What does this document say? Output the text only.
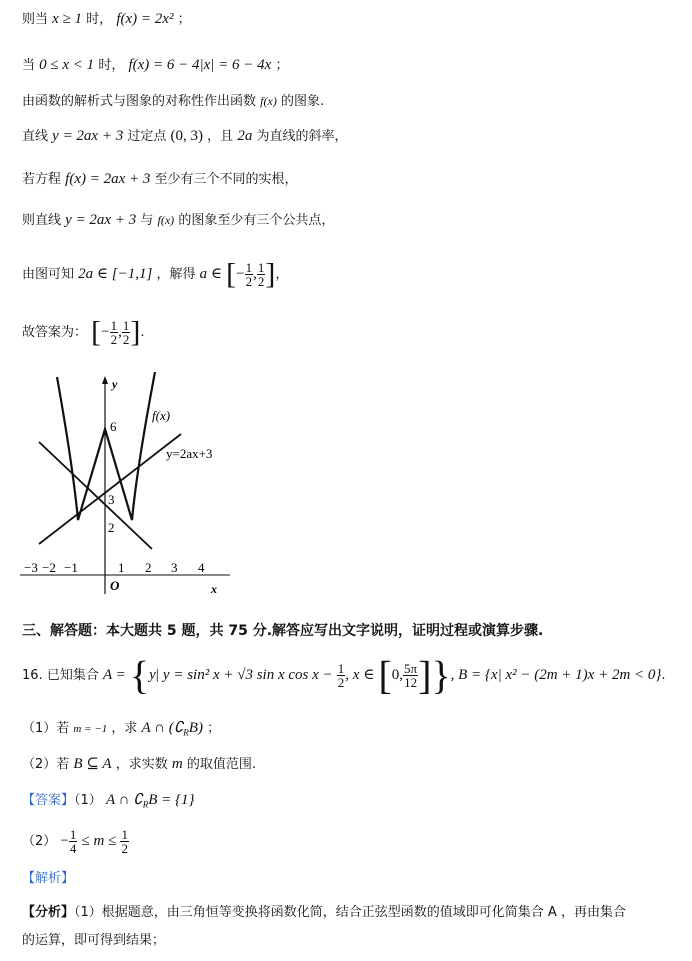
则当 x ≥ 1 时， f(x) = 2x² ；
当 0 ≤ x < 1 时， f(x) = 6 − 4|x| = 6 − 4x ；
由函数的解析式与图象的对称性作出函数 f(x) 的图象.
直线 y = 2ax + 3 过定点 (0, 3) ，且 2a 为直线的斜率，
若方程 f(x) = 2ax + 3 至少有三个不同的实根，
则直线 y = 2ax + 3 与 f(x) 的图象至少有三个公共点，
由图可知 2a ∈ [−1,1] ，解得 a ∈ [− $\frac{1}{2}$ , $\frac{1}{2}$ ]，
故答案为： [− $\frac{1}{2}$ , $\frac{1}{2}$ ].
y
x
O
f(x)
y=2ax+3
6
3
2
−3 −2 −1	1 2 3 4
三、解答题：本大题共 5 题，共 75 分.解答应写出文字说明，证明过程或演算步骤.
16. 已知集合 A = {y| y = sin² x + √3 sin x $\cos x - \frac{1}{2}$ , x ∈ [0, $\frac{5\pi}{12}$ ]}, B = {x| x² − (2m + 1)x + 2m < 0}.
（1）若 m = −1 ，求 A ∩ $(∁_RB)$ ；
（2）若 B ⊆ A ，求实数 m 的取值范围.
【答案】（1） A ∩ $∁_RB = \{1\}$
$(2) - \frac{1}{4} \le m \le \frac{1}{2}$
【解析】
【分析】（1）根据题意，由三角恒等变换将函数化简，结合正弦型函数的值域即可化简集合 A ，再由集合
的运算，即可得到结果；
